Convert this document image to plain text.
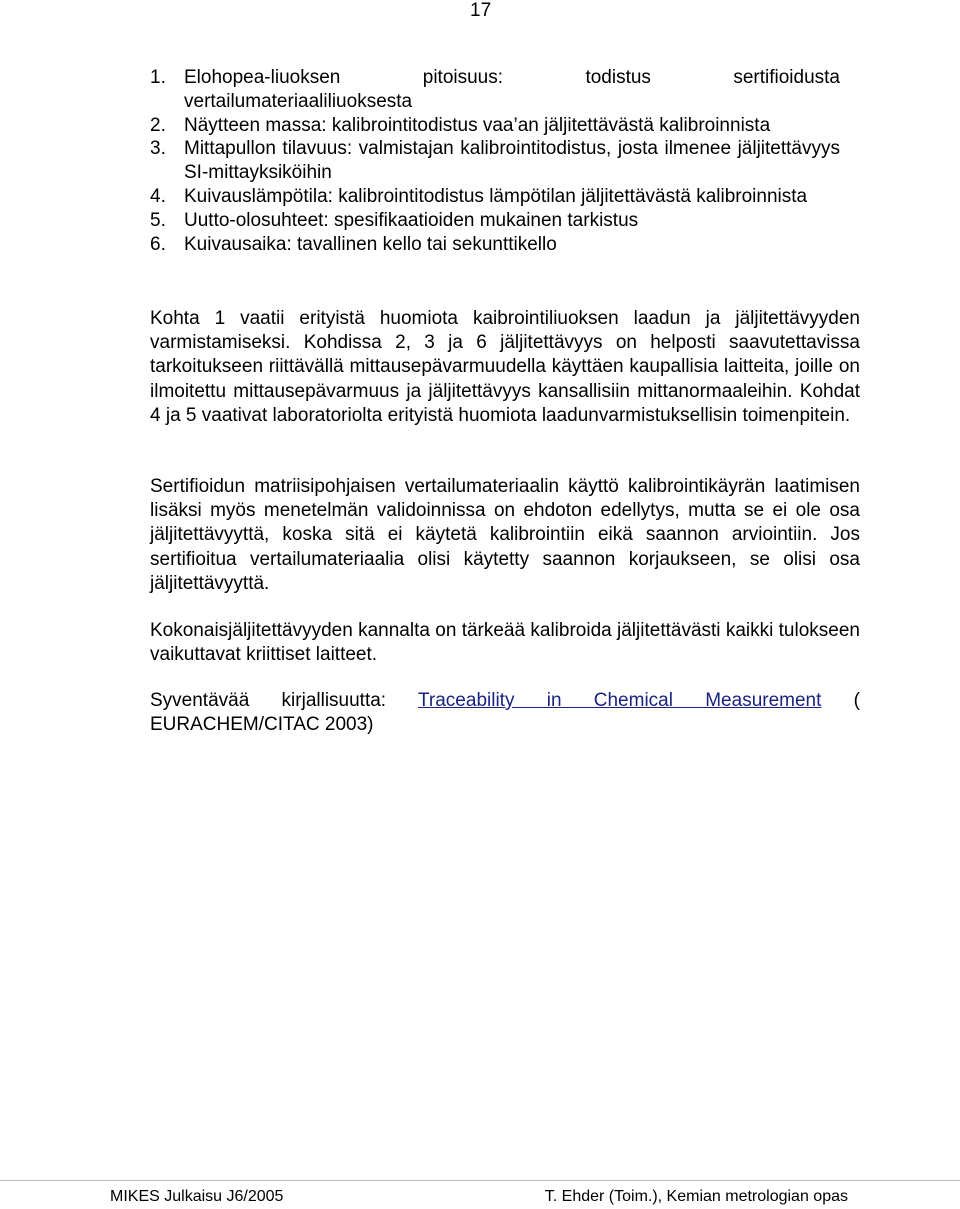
17
1. Elohopea-liuoksen pitoisuus: todistus sertifioidusta vertailumateriaaliliuoksesta
2. Näytteen massa: kalibrointitodistus vaa’an jäljitettävästä kalibroinnista
3. Mittapullon tilavuus: valmistajan kalibrointitodistus, josta ilmenee jäljitettävyys SI-mittayksiköihin
4. Kuivauslämpötila: kalibrointitodistus lämpötilan jäljitettävästä kalibroinnista
5. Uutto-olosuhteet: spesifikaatioiden mukainen tarkistus
6. Kuivausaika: tavallinen kello tai sekunttikello

Kohta 1 vaatii erityistä huomiota kaibrointiliuoksen laadun ja jäljitettävyyden varmistamiseksi. Kohdissa 2, 3 ja 6 jäljitettävyys on helposti saavutettavissa tarkoitukseen riittävällä mittausepävarmuudella käyttäen kaupallisia laitteita, joille on ilmoitettu mittausepävarmuus ja jäljitettävyys kansallisiin mittanormaaleihin. Kohdat 4 ja 5 vaativat laboratoriolta erityistä huomiota laadunvarmistuksellisin toimenpitein.

Sertifioidun matriisipohjaisen vertailumateriaalin käyttö kalibrointikäyrän laatimisen lisäksi myös menetelmän validoinnissa on ehdoton edellytys, mutta se ei ole osa jäljitettävyyttä, koska sitä ei käytetä kalibrointiin eikä saannon arviointiin. Jos sertifioitua vertailumateriaalia olisi käytetty saannon korjaukseen, se olisi osa jäljitettävyyttä.

Kokonaisjäljitettävyyden kannalta on tärkeää kalibroida jäljitettävästi kaikki tulokseen vaikuttavat kriittiset laitteet.

Syventävää kirjallisuutta: Traceability in Chemical Measurement ( EURACHEM/CITAC 2003)

MIKES Julkaisu J6/2005	T. Ehder (Toim.), Kemian metrologian opas
